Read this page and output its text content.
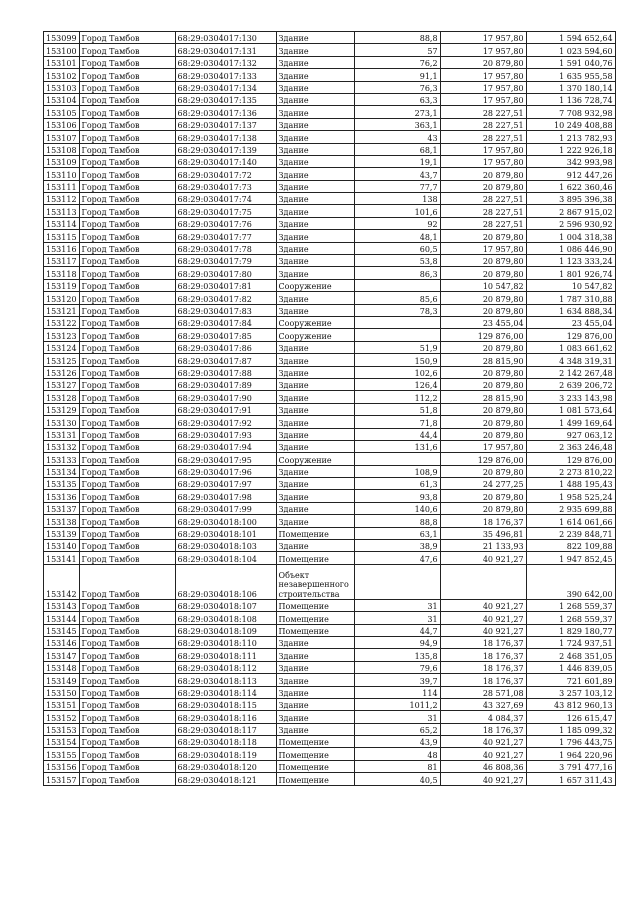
153099	Город Тамбов	68:29:0304017:130	Здание	88,8	17 957,80	1 594 652,64
153100	Город Тамбов	68:29:0304017:131	Здание	57	17 957,80	1 023 594,60
153101	Город Тамбов	68:29:0304017:132	Здание	76,2	20 879,80	1 591 040,76
153102	Город Тамбов	68:29:0304017:133	Здание	91,1	17 957,80	1 635 955,58
153103	Город Тамбов	68:29:0304017:134	Здание	76,3	17 957,80	1 370 180,14
153104	Город Тамбов	68:29:0304017:135	Здание	63,3	17 957,80	1 136 728,74
153105	Город Тамбов	68:29:0304017:136	Здание	273,1	28 227,51	7 708 932,98
153106	Город Тамбов	68:29:0304017:137	Здание	363,1	28 227,51	10 249 408,88
153107	Город Тамбов	68:29:0304017:138	Здание	43	28 227,51	1 213 782,93
153108	Город Тамбов	68:29:0304017:139	Здание	68,1	17 957,80	1 222 926,18
153109	Город Тамбов	68:29:0304017:140	Здание	19,1	17 957,80	342 993,98
153110	Город Тамбов	68:29:0304017:72	Здание	43,7	20 879,80	912 447,26
153111	Город Тамбов	68:29:0304017:73	Здание	77,7	20 879,80	1 622 360,46
153112	Город Тамбов	68:29:0304017:74	Здание	138	28 227,51	3 895 396,38
153113	Город Тамбов	68:29:0304017:75	Здание	101,6	28 227,51	2 867 915,02
153114	Город Тамбов	68:29:0304017:76	Здание	92	28 227,51	2 596 930,92
153115	Город Тамбов	68:29:0304017:77	Здание	48,1	20 879,80	1 004 318,38
153116	Город Тамбов	68:29:0304017:78	Здание	60,5	17 957,80	1 086 446,90
153117	Город Тамбов	68:29:0304017:79	Здание	53,8	20 879,80	1 123 333,24
153118	Город Тамбов	68:29:0304017:80	Здание	86,3	20 879,80	1 801 926,74
153119	Город Тамбов	68:29:0304017:81	Сооружение		10 547,82	10 547,82
153120	Город Тамбов	68:29:0304017:82	Здание	85,6	20 879,80	1 787 310,88
153121	Город Тамбов	68:29:0304017:83	Здание	78,3	20 879,80	1 634 888,34
153122	Город Тамбов	68:29:0304017:84	Сооружение		23 455,04	23 455,04
153123	Город Тамбов	68:29:0304017:85	Сооружение		129 876,00	129 876,00
153124	Город Тамбов	68:29:0304017:86	Здание	51,9	20 879,80	1 083 661,62
153125	Город Тамбов	68:29:0304017:87	Здание	150,9	28 815,90	4 348 319,31
153126	Город Тамбов	68:29:0304017:88	Здание	102,6	20 879,80	2 142 267,48
153127	Город Тамбов	68:29:0304017:89	Здание	126,4	20 879,80	2 639 206,72
153128	Город Тамбов	68:29:0304017:90	Здание	112,2	28 815,90	3 233 143,98
153129	Город Тамбов	68:29:0304017:91	Здание	51,8	20 879,80	1 081 573,64
153130	Город Тамбов	68:29:0304017:92	Здание	71,8	20 879,80	1 499 169,64
153131	Город Тамбов	68:29:0304017:93	Здание	44,4	20 879,80	927 063,12
153132	Город Тамбов	68:29:0304017:94	Здание	131,6	17 957,80	2 363 246,48
153133	Город Тамбов	68:29:0304017:95	Сооружение		129 876,00	129 876,00
153134	Город Тамбов	68:29:0304017:96	Здание	108,9	20 879,80	2 273 810,22
153135	Город Тамбов	68:29:0304017:97	Здание	61,3	24 277,25	1 488 195,43
153136	Город Тамбов	68:29:0304017:98	Здание	93,8	20 879,80	1 958 525,24
153137	Город Тамбов	68:29:0304017:99	Здание	140,6	20 879,80	2 935 699,88
153138	Город Тамбов	68:29:0304018:100	Здание	88,8	18 176,37	1 614 061,66
153139	Город Тамбов	68:29:0304018:101	Помещение	63,1	35 496,81	2 239 848,71
153140	Город Тамбов	68:29:0304018:103	Здание	38,9	21 133,93	822 109,88
153141	Город Тамбов	68:29:0304018:104	Помещение	47,6	40 921,27	1 947 852,45
153142	Город Тамбов	68:29:0304018:106	Объект незавершенного строительства			390 642,00
153143	Город Тамбов	68:29:0304018:107	Помещение	31	40 921,27	1 268 559,37
153144	Город Тамбов	68:29:0304018:108	Помещение	31	40 921,27	1 268 559,37
153145	Город Тамбов	68:29:0304018:109	Помещение	44,7	40 921,27	1 829 180,77
153146	Город Тамбов	68:29:0304018:110	Здание	94,9	18 176,37	1 724 937,51
153147	Город Тамбов	68:29:0304018:111	Здание	135,8	18 176,37	2 468 351,05
153148	Город Тамбов	68:29:0304018:112	Здание	79,6	18 176,37	1 446 839,05
153149	Город Тамбов	68:29:0304018:113	Здание	39,7	18 176,37	721 601,89
153150	Город Тамбов	68:29:0304018:114	Здание	114	28 571,08	3 257 103,12
153151	Город Тамбов	68:29:0304018:115	Здание	1011,2	43 327,69	43 812 960,13
153152	Город Тамбов	68:29:0304018:116	Здание	31	4 084,37	126 615,47
153153	Город Тамбов	68:29:0304018:117	Здание	65,2	18 176,37	1 185 099,32
153154	Город Тамбов	68:29:0304018:118	Помещение	43,9	40 921,27	1 796 443,75
153155	Город Тамбов	68:29:0304018:119	Помещение	48	40 921,27	1 964 220,96
153156	Город Тамбов	68:29:0304018:120	Помещение	81	46 808,36	3 791 477,16
153157	Город Тамбов	68:29:0304018:121	Помещение	40,5	40 921,27	1 657 311,43
